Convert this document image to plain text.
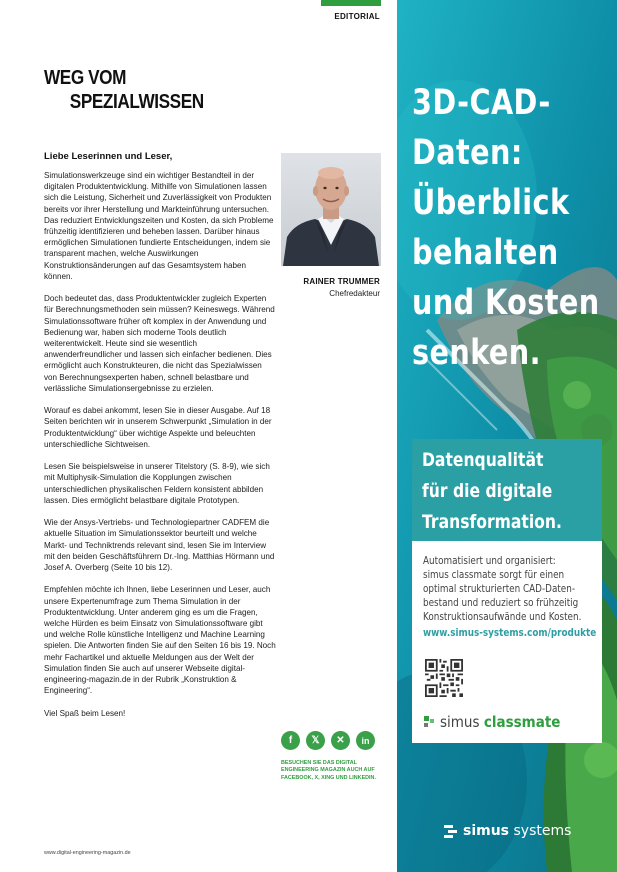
EDITORIAL
WEG VOM
SPEZIALWISSEN
Liebe Leserinnen und Leser,

Simulationswerkzeuge sind ein wichtiger Bestandteil in der digitalen Produktentwicklung. Mithilfe von Simulationen lassen sich die Leistung, Sicherheit und Zuverlässigkeit von Produkten bereits vor ihrer Herstellung und Markteinführung untersuchen. Das reduziert Entwicklungszeiten und Kosten, da sich Probleme frühzeitig identifizieren und beheben lassen. Darüber hinaus ermöglichen Simulationen fundierte Entscheidungen, indem sie transparent machen, welche Auswirkungen Konstruktionsänderungen auf das Gesamtsystem haben können.

Doch bedeutet das, dass Produktentwickler zugleich Experten für Berechnungsmethoden sein müssen? Keineswegs. Während Simulationssoftware früher oft komplex in der Anwendung und Bedienung war, haben sich moderne Tools deutlich weiterentwickelt. Heute sind sie wesentlich anwenderfreundlicher und lassen sich einfacher bedienen. Dies ermöglicht auch Konstrukteuren, die nicht das Spezialwissen von Berechnungsexperten haben, schnell belastbare und verlässliche Simulationsergebnisse zu erzielen.

Worauf es dabei ankommt, lesen Sie in dieser Ausgabe. Auf 18 Seiten berichten wir in unserem Schwerpunkt „Simulation in der Produktentwicklung“ über wichtige Aspekte und beleuchten unterschiedliche Sichtweisen.

Lesen Sie beispielsweise in unserer Titelstory (S. 8-9), wie sich mit Multiphysik-Simulation die Kopplungen zwischen unterschiedlichen physikalischen Feldern konsistent abbilden lassen. Dies ermöglicht belastbare digitale Prototypen.

Wie der Ansys-Vertriebs- und Technologiepartner CADFEM die aktuelle Situation im Simulationssektor beurteilt und welche Markt- und Techniktrends relevant sind, lesen Sie im Interview mit den beiden Geschäftsführern Dr.-Ing. Matthias Hörmann und Josef A. Overberg (Seite 10 bis 12).

Empfehlen möchte ich Ihnen, liebe Leserinnen und Leser, auch unsere Expertenumfrage zum Thema Simulation in der Produktentwicklung. Unter anderem ging es um die Fragen, welche Hürden es beim Einsatz von Simulationssoftware gibt und welche Rolle künstliche Intelligenz und Machine Learning spielen. Die Antworten finden Sie auf den Seiten 16 bis 19. Noch mehr Fachartikel und aktuelle Meldungen aus der Welt der Simulation finden Sie auch auf unserer Webseite digital-engineering-magazin.de in der Rubrik „Konstruktion & Engineering“.

Viel Spaß beim Lesen!

RAINER TRUMMER
Chefredakteur
f	𝕏	✕	in
BESUCHEN SIE DAS DIGITAL ENGINEERING MAGAZIN AUCH AUF FACEBOOK, X, XING UND LINKEDIN.
www.digital-engineering-magazin.de
3D-CAD-
Daten:
Überblick
behalten
und Kosten
senken.
Datenqualität
für die digitale
Transformation.
Automatisiert und organisiert:
simus classmate sorgt für einen
optimal strukturierten CAD-Daten-
bestand und reduziert so frühzeitig
Konstruktionsaufwände und Kosten.
www.simus-systems.com/produkte
simus classmate
simus systems
